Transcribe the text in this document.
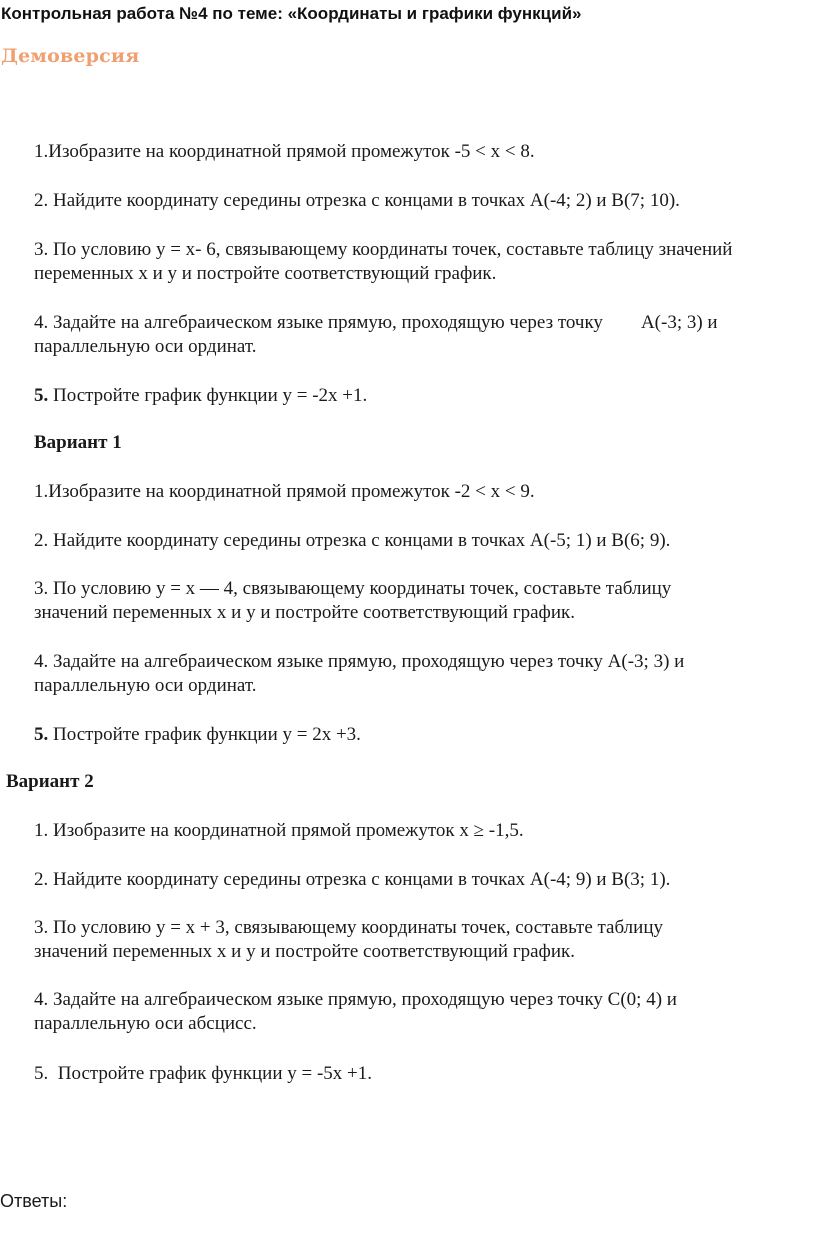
Контрольная работа №4 по теме: «Координаты и графики функций»
Демоверсия
1.Изобразите на координатной прямой промежуток -5 < х < 8.
2. Найдите координату середины отрезка с концами в точках А(-4; 2) и В(7; 10).
3. По условию у = х- 6, связывающему координаты точек, составьте таблицу значений
переменных х и у и постройте соответствующий график.
4. Задайте на алгебраическом языке прямую, проходящую через точку А(-3; 3) и
параллельную оси ординат.
5. Постройте график функции у = -2х +1.
Вариант 1
1.Изобразите на координатной прямой промежуток -2 < х < 9.
2. Найдите координату середины отрезка с концами в точках А(-5; 1) и В(6; 9).
3. По условию у = х — 4, связывающему координаты точек, составьте таблицу
значений переменных х и у и постройте соответствующий график.
4. Задайте на алгебраическом языке прямую, проходящую через точку А(-3; 3) и
параллельную оси ординат.
5. Постройте график функции у = 2х +3.
Вариант 2
1. Изобразите на координатной прямой промежуток х ≥ -1,5.
2. Найдите координату середины отрезка с концами в точках А(-4; 9) и В(3; 1).
3. По условию у = х + 3, связывающему координаты точек, составьте таблицу
значений переменных х и у и постройте соответствующий график.
4. Задайте на алгебраическом языке прямую, проходящую через точку С(0; 4) и
параллельную оси абсцисс.
5.  Постройте график функции у = -5х +1.
Ответы:
